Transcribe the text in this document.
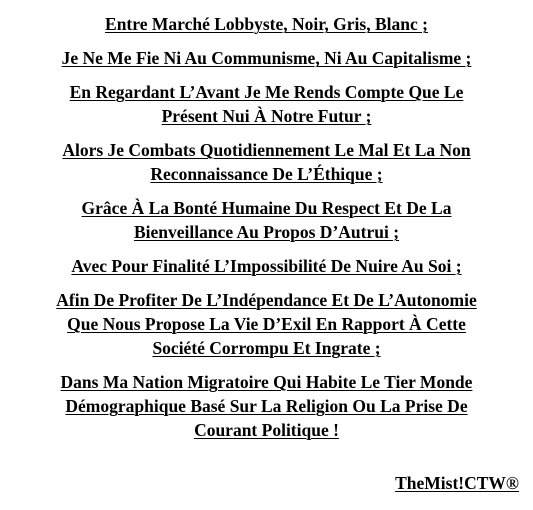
Entre Marché Lobbyste, Noir, Gris, Blanc ;
Je Ne Me Fie Ni Au Communisme, Ni Au Capitalisme ;
En Regardant L’Avant Je Me Rends Compte Que Le
Présent Nui À Notre Futur ;
Alors Je Combats Quotidiennement Le Mal Et La Non
Reconnaissance De L’Éthique ;
Grâce À La Bonté Humaine Du Respect Et De La
Bienveillance Au Propos D’Autrui ;
Avec Pour Finalité L’Impossibilité De Nuire Au Soi ;
Afin De Profiter De L’Indépendance Et De L’Autonomie
Que Nous Propose La Vie D’Exil En Rapport À Cette
Société Corrompu Et Ingrate ;
Dans Ma Nation Migratoire Qui Habite Le Tier Monde
Démographique Basé Sur La Religion Ou La Prise De
Courant Politique !
TheMist!CTW®
